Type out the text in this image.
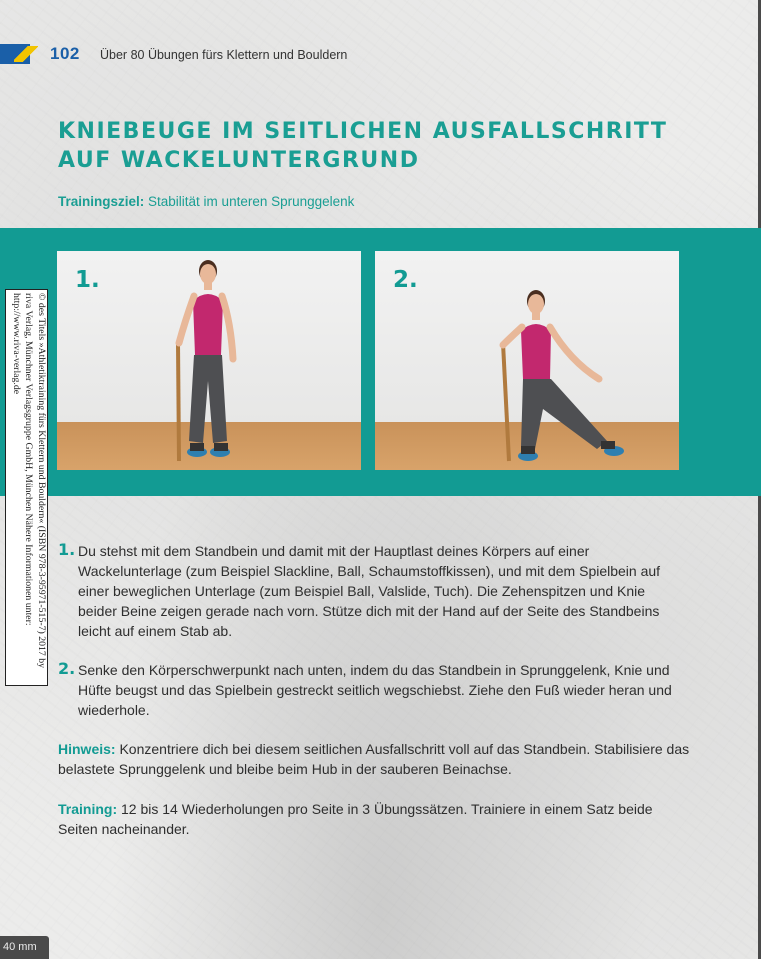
102 Über 80 Übungen fürs Klettern und Bouldern
KNIEBEUGE IM SEITLICHEN AUSFALLSCHRITT
AUF WACKELUNTERGRUND
Trainingsziel: Stabilität im unteren Sprunggelenk
1.	2.
© des Titels »Athletiktraining fürs Klettern und Bouldern« (ISBN 978-3-95971-515-7) 2017 by riva Verlag, Münchner Verlagsgruppe GmbH, München Nähere Informationen unter: http://www.riva-verlag.de
1. Du stehst mit dem Standbein und damit mit der Hauptlast deines Körpers auf einer Wackelunterlage (zum Beispiel Slackline, Ball, Schaumstoffkissen), und mit dem Spielbein auf einer beweglichen Unterlage (zum Beispiel Ball, Valslide, Tuch). Die Zehenspitzen und Knie beider Beine zeigen gerade nach vorn. Stütze dich mit der Hand auf der Seite des Standbeins leicht auf einem Stab ab.
2. Senke den Körperschwerpunkt nach unten, indem du das Standbein in Sprunggelenk, Knie und Hüfte beugst und das Spielbein gestreckt seitlich wegschiebst. Ziehe den Fuß wieder heran und wiederhole.
Hinweis: Konzentriere dich bei diesem seitlichen Ausfallschritt voll auf das Standbein. Stabilisiere das belastete Sprunggelenk und bleibe beim Hub in der sauberen Beinachse.
Training: 12 bis 14 Wiederholungen pro Seite in 3 Übungssätzen. Trainiere in einem Satz beide Seiten nacheinander.
40 mm
